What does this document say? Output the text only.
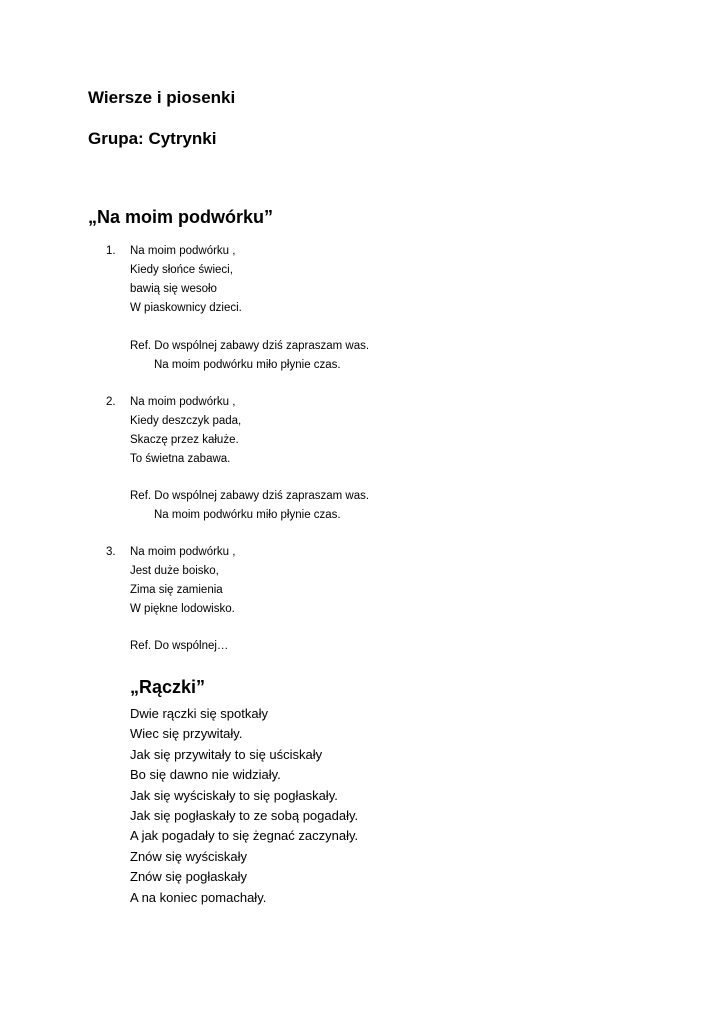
Wiersze i piosenki
Grupa: Cytrynki
„Na moim podwórku”
1.	Na moim podwórku ,
Kiedy słońce świeci,
bawią się wesoło
W piaskownicy dzieci.
Ref. Do wspólnej zabawy dziś zapraszam was.
Na moim podwórku miło płynie czas.
2.	Na moim podwórku ,
Kiedy deszczyk pada,
Skaczę przez kałuże.
To świetna zabawa.
Ref. Do wspólnej zabawy dziś zapraszam was.
Na moim podwórku miło płynie czas.
3.	Na moim podwórku ,
Jest duże boisko,
Zima się zamienia
W piękne lodowisko.
Ref. Do wspólnej…
„Rączki”
Dwie rączki się spotkały
Wiec się przywitały.
Jak się przywitały to się uściskały
Bo się dawno nie widziały.
Jak się wyściskały to się pogłaskały.
Jak się pogłaskały to ze sobą pogadały.
A jak pogadały to się żegnać zaczynały.
Znów się wyściskały
Znów się pogłaskały
A na koniec pomachały.
